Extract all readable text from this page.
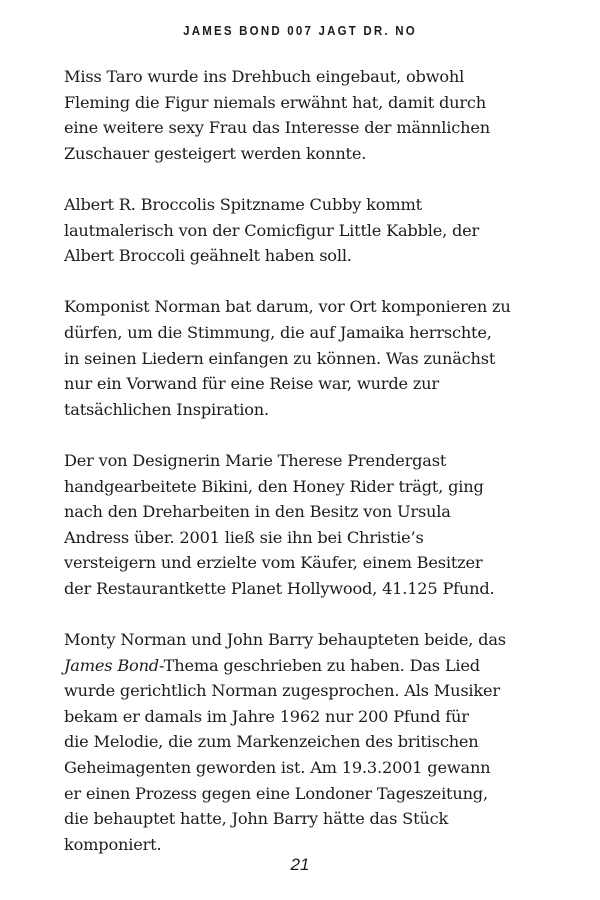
JAMES BOND 007 JAGT DR. NO

Miss Taro wurde ins Drehbuch eingebaut, obwohl
Fleming die Figur niemals erwähnt hat, damit durch
eine weitere sexy Frau das Interesse der männlichen
Zuschauer gesteigert werden konnte.

Albert R. Broccolis Spitzname Cubby kommt
lautmalerisch von der Comicfigur Little Kabble, der
Albert Broccoli geähnelt haben soll.

Komponist Norman bat darum, vor Ort komponieren zu
dürfen, um die Stimmung, die auf Jamaika herrschte,
in seinen Liedern einfangen zu können. Was zunächst
nur ein Vorwand für eine Reise war, wurde zur
tatsächlichen Inspiration.

Der von Designerin Marie Therese Prendergast
handgearbeitete Bikini, den Honey Rider trägt, ging
nach den Dreharbeiten in den Besitz von Ursula
Andress über. 2001 ließ sie ihn bei Christie’s
versteigern und erzielte vom Käufer, einem Besitzer
der Restaurantkette Planet Hollywood, 41.125 Pfund.

Monty Norman und John Barry behaupteten beide, das
James Bond-Thema geschrieben zu haben. Das Lied
wurde gerichtlich Norman zugesprochen. Als Musiker
bekam er damals im Jahre 1962 nur 200 Pfund für
die Melodie, die zum Markenzeichen des britischen
Geheimagenten geworden ist. Am 19.3.2001 gewann
er einen Prozess gegen eine Londoner Tageszeitung,
die behauptet hatte, John Barry hätte das Stück
komponiert.

21
